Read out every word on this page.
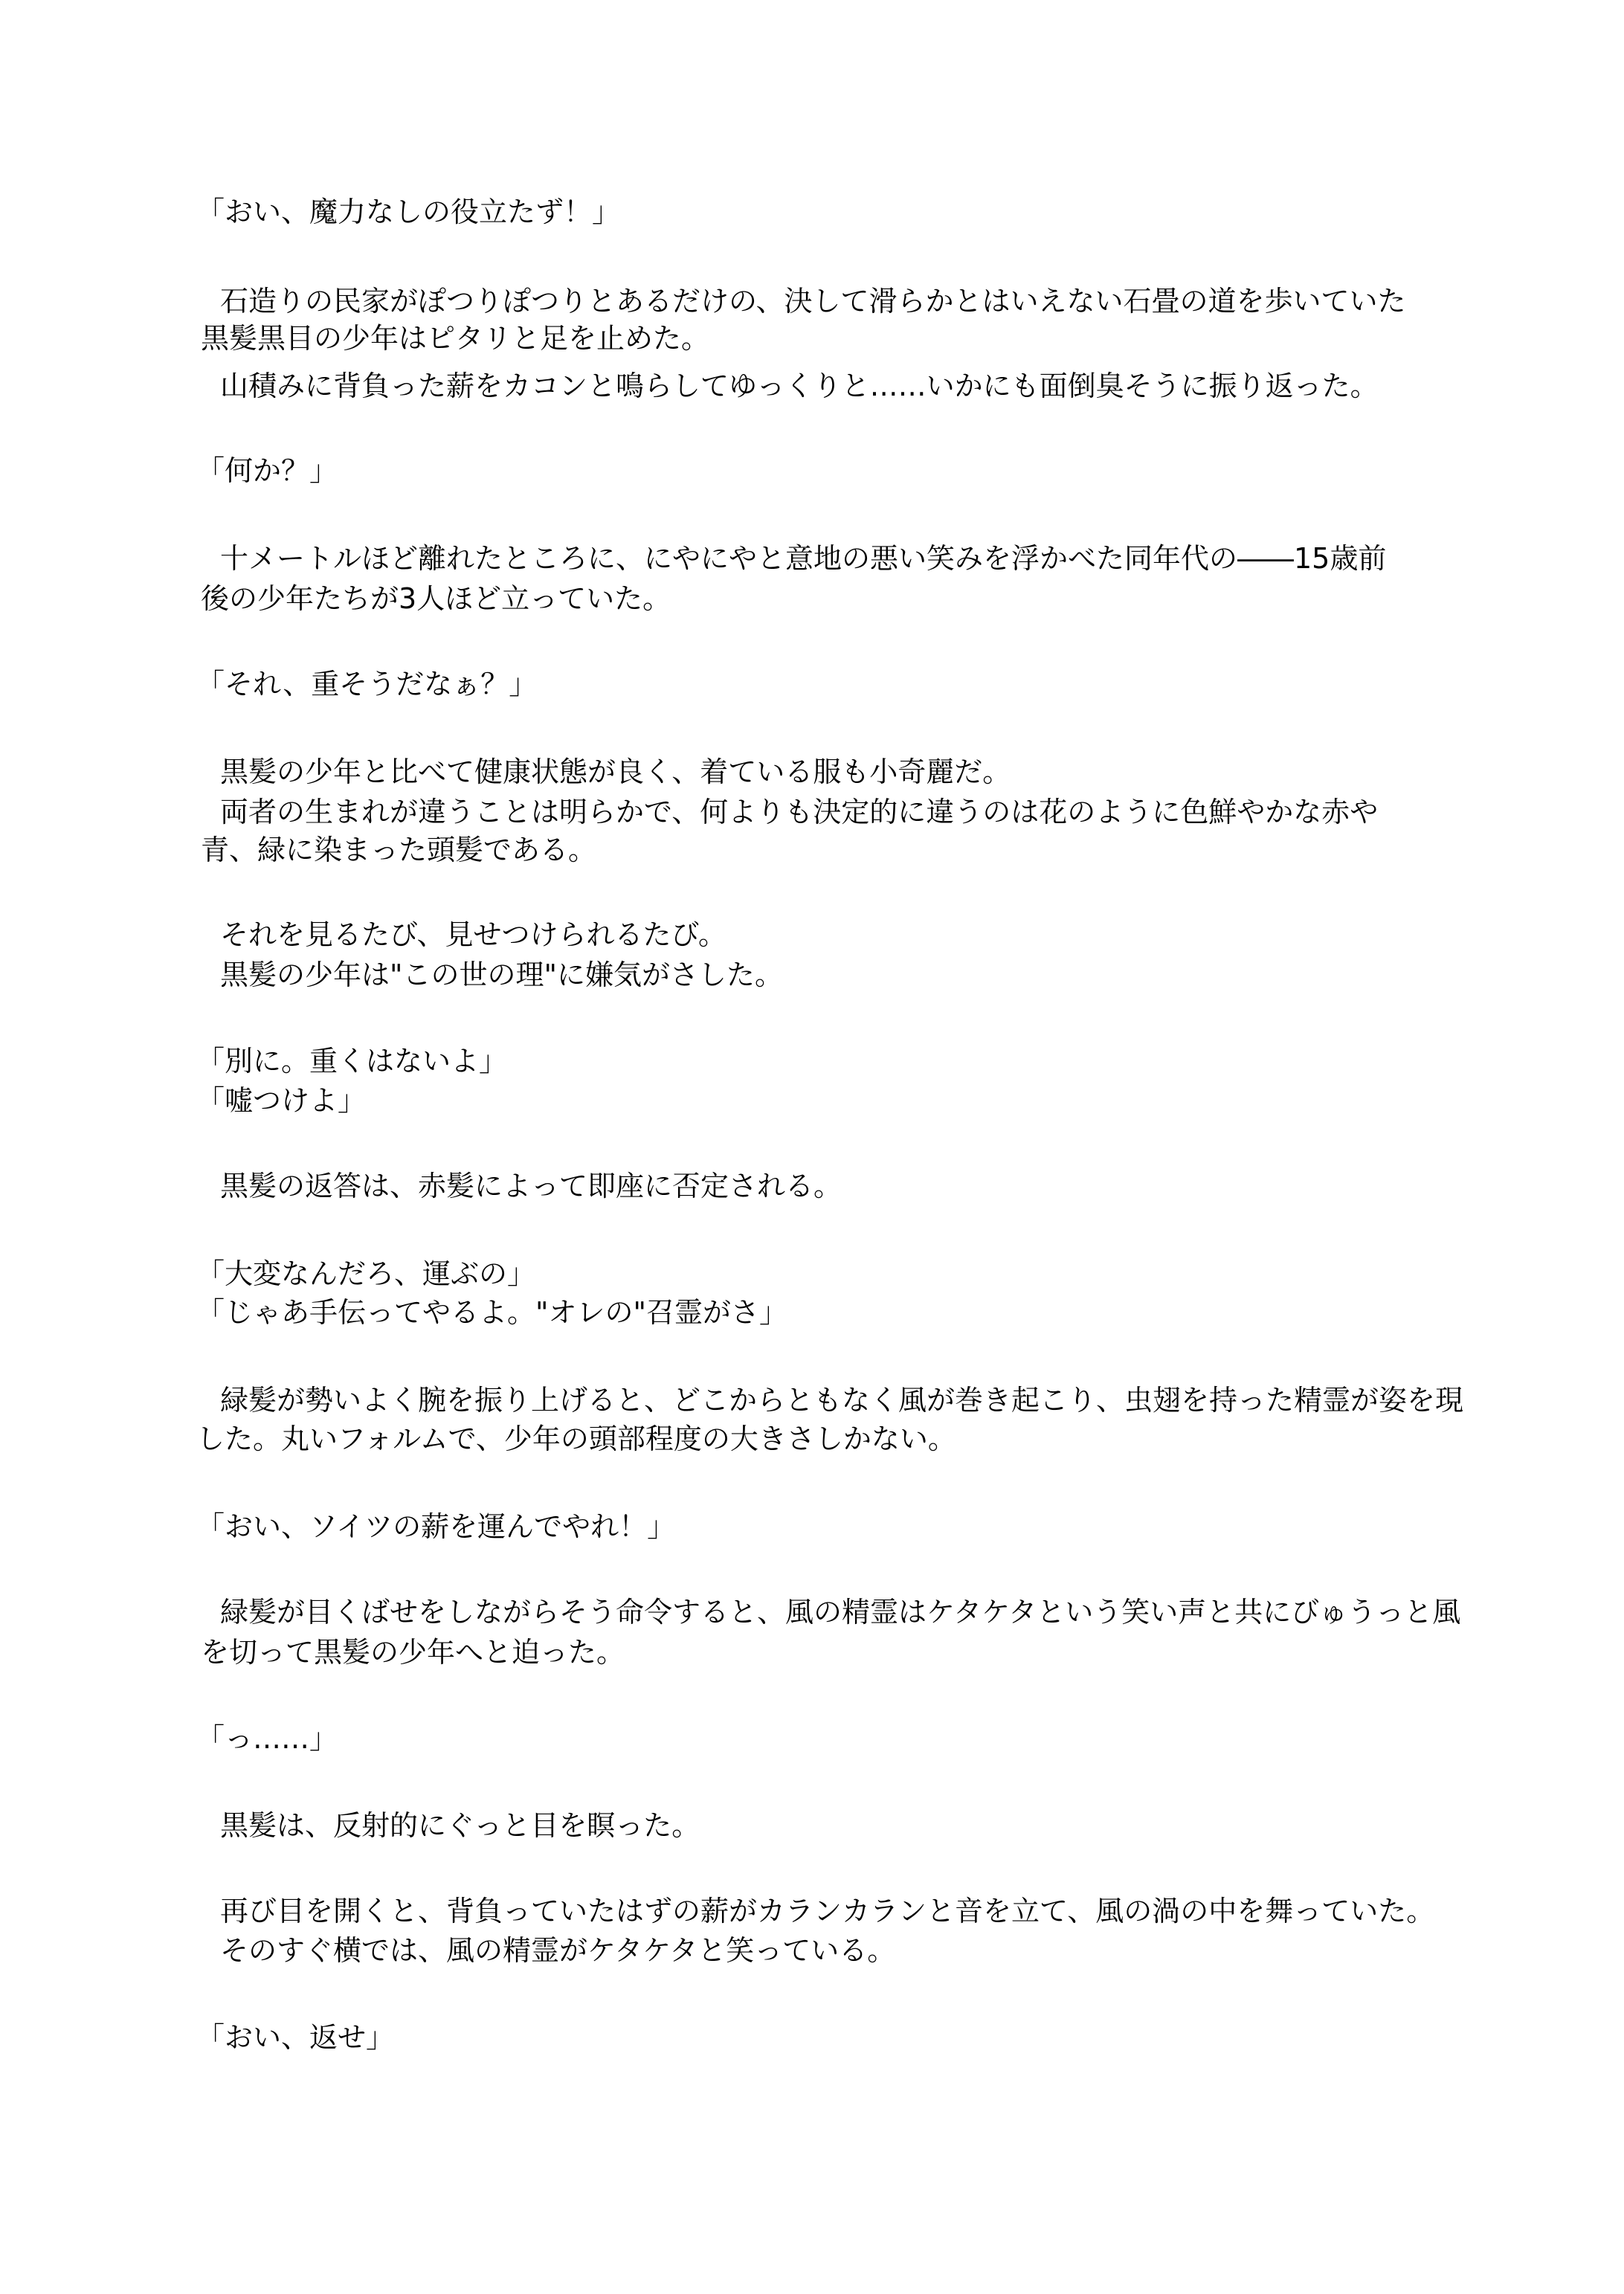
「おい、魔力なしの役立たず！」

石造りの民家がぽつりぽつりとあるだけの、決して滑らかとはいえない石畳の道を歩いていた

黒髪黒目の少年はピタリと足を止めた。

山積みに背負った薪をカコンと鳴らしてゆっくりと……いかにも面倒臭そうに振り返った。

「何か？」

十メートルほど離れたところに、にやにやと意地の悪い笑みを浮かべた同年代の――15歳前

後の少年たちが3人ほど立っていた。

「それ、重そうだなぁ？」

黒髪の少年と比べて健康状態が良く、着ている服も小奇麗だ。

両者の生まれが違うことは明らかで、何よりも決定的に違うのは花のように色鮮やかな赤や

青、緑に染まった頭髪である。

それを見るたび、見せつけられるたび。

黒髪の少年は"この世の理"に嫌気がさした。

「別に。重くはないよ」

「嘘つけよ」

黒髪の返答は、赤髪によって即座に否定される。

「大変なんだろ、運ぶの」

「じゃあ手伝ってやるよ。"オレの"召霊がさ」

緑髪が勢いよく腕を振り上げると、どこからともなく風が巻き起こり、虫翅を持った精霊が姿を現

した。丸いフォルムで、少年の頭部程度の大きさしかない。

「おい、ソイツの薪を運んでやれ！」

緑髪が目くばせをしながらそう命令すると、風の精霊はケタケタという笑い声と共にびゅうっと風

を切って黒髪の少年へと迫った。

「っ……」

黒髪は、反射的にぐっと目を瞑った。

再び目を開くと、背負っていたはずの薪がカランカランと音を立て、風の渦の中を舞っていた。

そのすぐ横では、風の精霊がケタケタと笑っている。

「おい、返せ」
